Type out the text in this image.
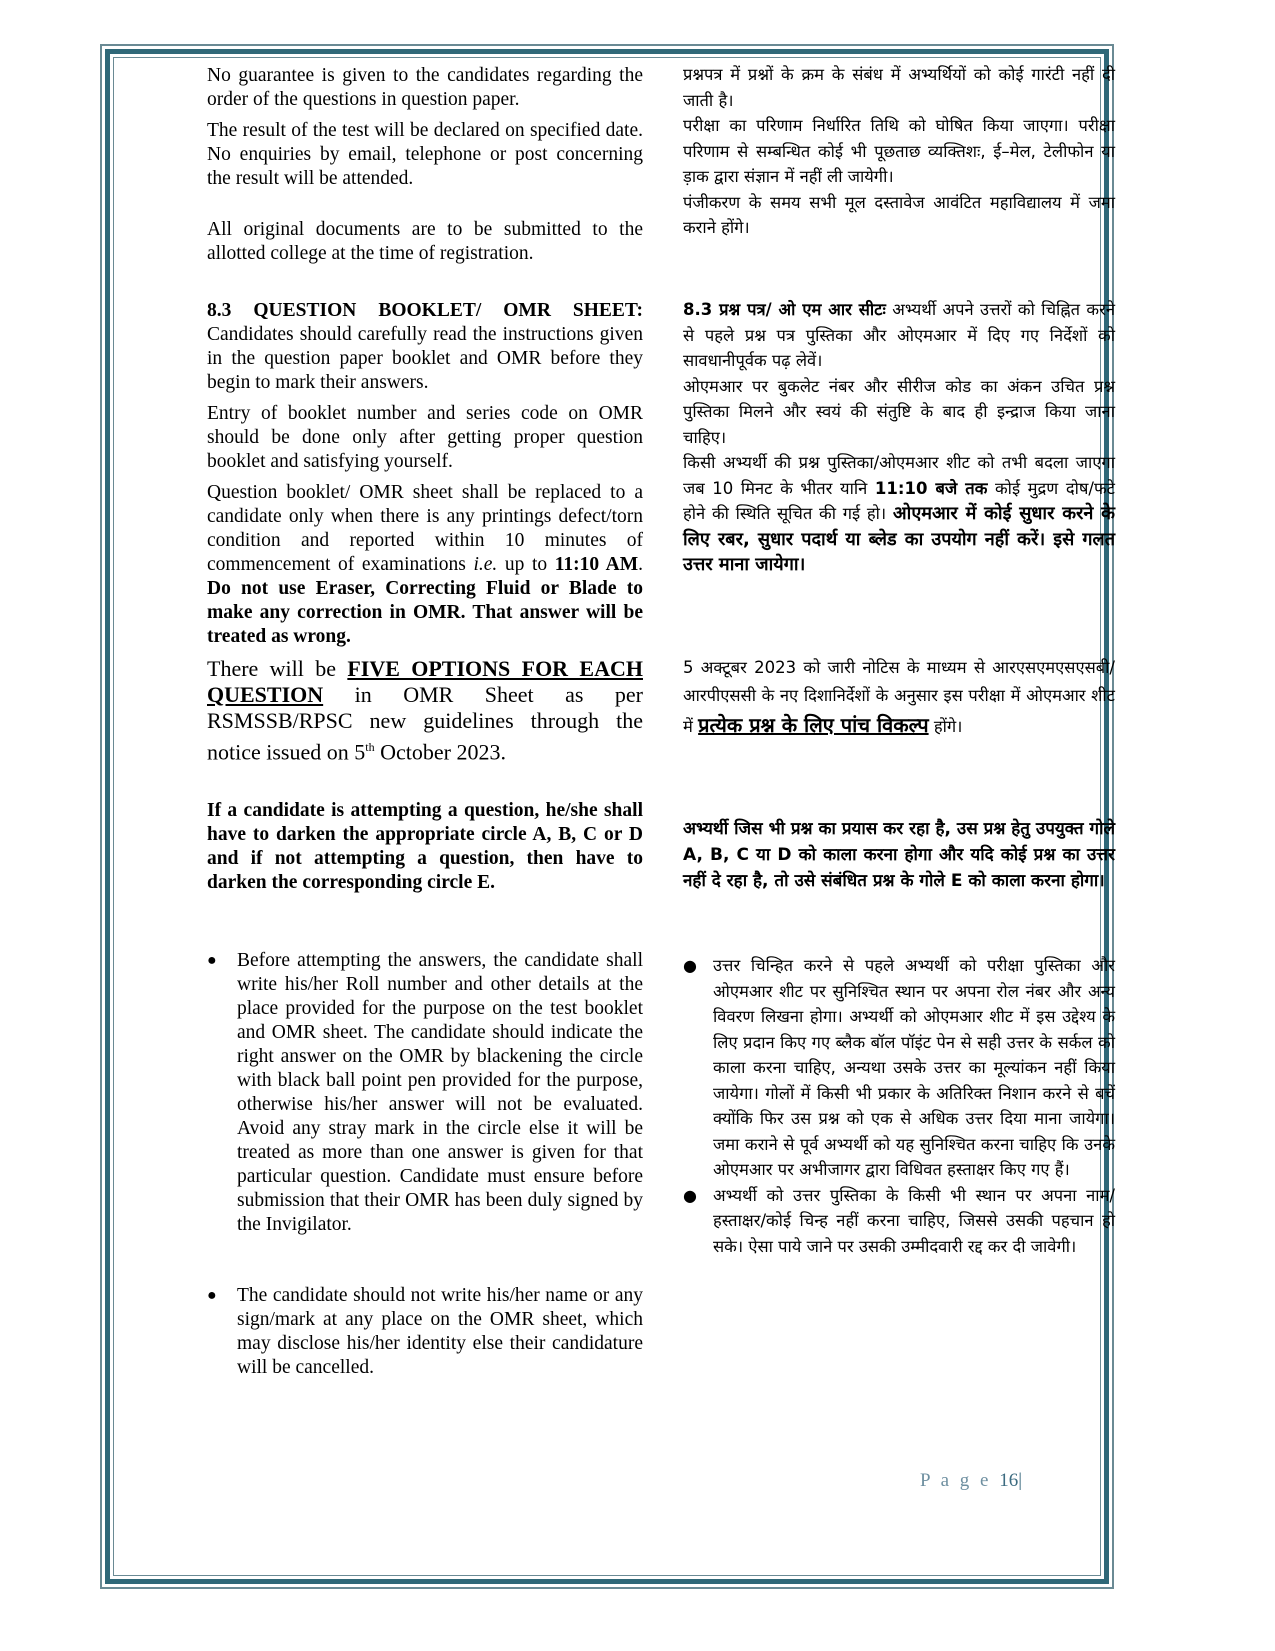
No guarantee is given to the candidates regarding the order of the questions in question paper.

The result of the test will be declared on specified date. No enquiries by email, telephone or post concerning the result will be attended.

All original documents are to be submitted to the allotted college at the time of registration.

8.3 QUESTION BOOKLET/ OMR SHEET: Candidates should carefully read the instructions given in the question paper booklet and OMR before they begin to mark their answers.

Entry of booklet number and series code on OMR should be done only after getting proper question booklet and satisfying yourself.

Question booklet/ OMR sheet shall be replaced to a candidate only when there is any printings defect/torn condition and reported within 10 minutes of commencement of examinations i.e. up to 11:10 AM. Do not use Eraser, Correcting Fluid or Blade to make any correction in OMR. That answer will be treated as wrong.

There will be FIVE OPTIONS FOR EACH QUESTION in OMR Sheet as per RSMSSB/RPSC new guidelines through the notice issued on 5th October 2023.

If a candidate is attempting a question, he/she shall have to darken the appropriate circle A, B, C or D and if not attempting a question, then have to darken the corresponding circle E.

● Before attempting the answers, the candidate shall write his/her Roll number and other details at the place provided for the purpose on the test booklet and OMR sheet. The candidate should indicate the right answer on the OMR by blackening the circle with black ball point pen provided for the purpose, otherwise his/her answer will not be evaluated. Avoid any stray mark in the circle else it will be treated as more than one answer is given for that particular question. Candidate must ensure before submission that their OMR has been duly signed by the Invigilator.
● The candidate should not write his/her name or any sign/mark at any place on the OMR sheet, which may disclose his/her identity else their candidature will be cancelled.

प्रश्नपत्र में प्रश्नों के क्रम के संबंध में अभ्यर्थियों को कोई गारंटी नहीं दी जाती है।

परीक्षा का परिणाम निर्धारित तिथि को घोषित किया जाएगा। परीक्षा परिणाम से सम्बन्धित कोई भी पूछताछ व्यक्तिशः, ई–मेल, टेलीफोन या ड़ाक द्वारा संज्ञान में नहीं ली जायेगी।

पंजीकरण के समय सभी मूल दस्तावेज आवंटित महाविद्यालय में जमा कराने होंगे।

8.3 प्रश्न पत्र/ ओ एम आर सीटः अभ्यर्थी अपने उत्तरों को चिह्नित करने से पहले प्रश्न पत्र पुस्तिका और ओएमआर में दिए गए निर्देशों को सावधानीपूर्वक पढ़ लेवें।

ओएमआर पर बुकलेट नंबर और सीरीज कोड का अंकन उचित प्रश्न पुस्तिका मिलने और स्वयं की संतुष्टि के बाद ही इन्द्राज किया जाना चाहिए।

किसी अभ्यर्थी की प्रश्न पुस्तिका/ओएमआर शीट को तभी बदला जाएगा जब 10 मिनट के भीतर यानि 11:10 बजे तक कोई मुद्रण दोष/फटे होने की स्थिति सूचित की गई हो। ओएमआर में कोई सुधार करने के लिए रबर, सुधार पदार्थ या ब्लेड का उपयोग नहीं करें। इसे गलत उत्तर माना जायेगा।

5 अक्टूबर 2023 को जारी नोटिस के माध्यम से आरएसएमएसएसबी/आरपीएससी के नए दिशानिर्देशों के अनुसार इस परीक्षा में ओएमआर शीट में प्रत्येक प्रश्न के लिए पांच विकल्प होंगे।

अभ्यर्थी जिस भी प्रश्न का प्रयास कर रहा है, उस प्रश्न हेतु उपयुक्त गोले A, B, C या D को काला करना होगा और यदि कोई प्रश्न का उत्तर नहीं दे रहा है, तो उसे संबंधित प्रश्न के गोले E को काला करना होगा।

● उत्तर चिन्हित करने से पहले अभ्यर्थी को परीक्षा पुस्तिका और ओएमआर शीट पर सुनिश्चित स्थान पर अपना रोल नंबर और अन्य विवरण लिखना होगा। अभ्यर्थी को ओएमआर शीट में इस उद्देश्य के लिए प्रदान किए गए ब्लैक बॉल पॉइंट पेन से सही उत्तर के सर्कल को काला करना चाहिए, अन्यथा उसके उत्तर का मूल्यांकन नहीं किया जायेगा। गोलों में किसी भी प्रकार के अतिरिक्त निशान करने से बचें क्योंकि फिर उस प्रश्न को एक से अधिक उत्तर दिया माना जायेगा। जमा कराने से पूर्व अभ्यर्थी को यह सुनिश्चित करना चाहिए कि उनके ओएमआर पर अभीजागर द्वारा विधिवत हस्ताक्षर किए गए हैं।
● अभ्यर्थी को उत्तर पुस्तिका के किसी भी स्थान पर अपना नाम/हस्ताक्षर/कोई चिन्ह नहीं करना चाहिए, जिससे उसकी पहचान हो सके। ऐसा पाये जाने पर उसकी उम्मीदवारी रद्द कर दी जावेगी।
P a g e 16|
